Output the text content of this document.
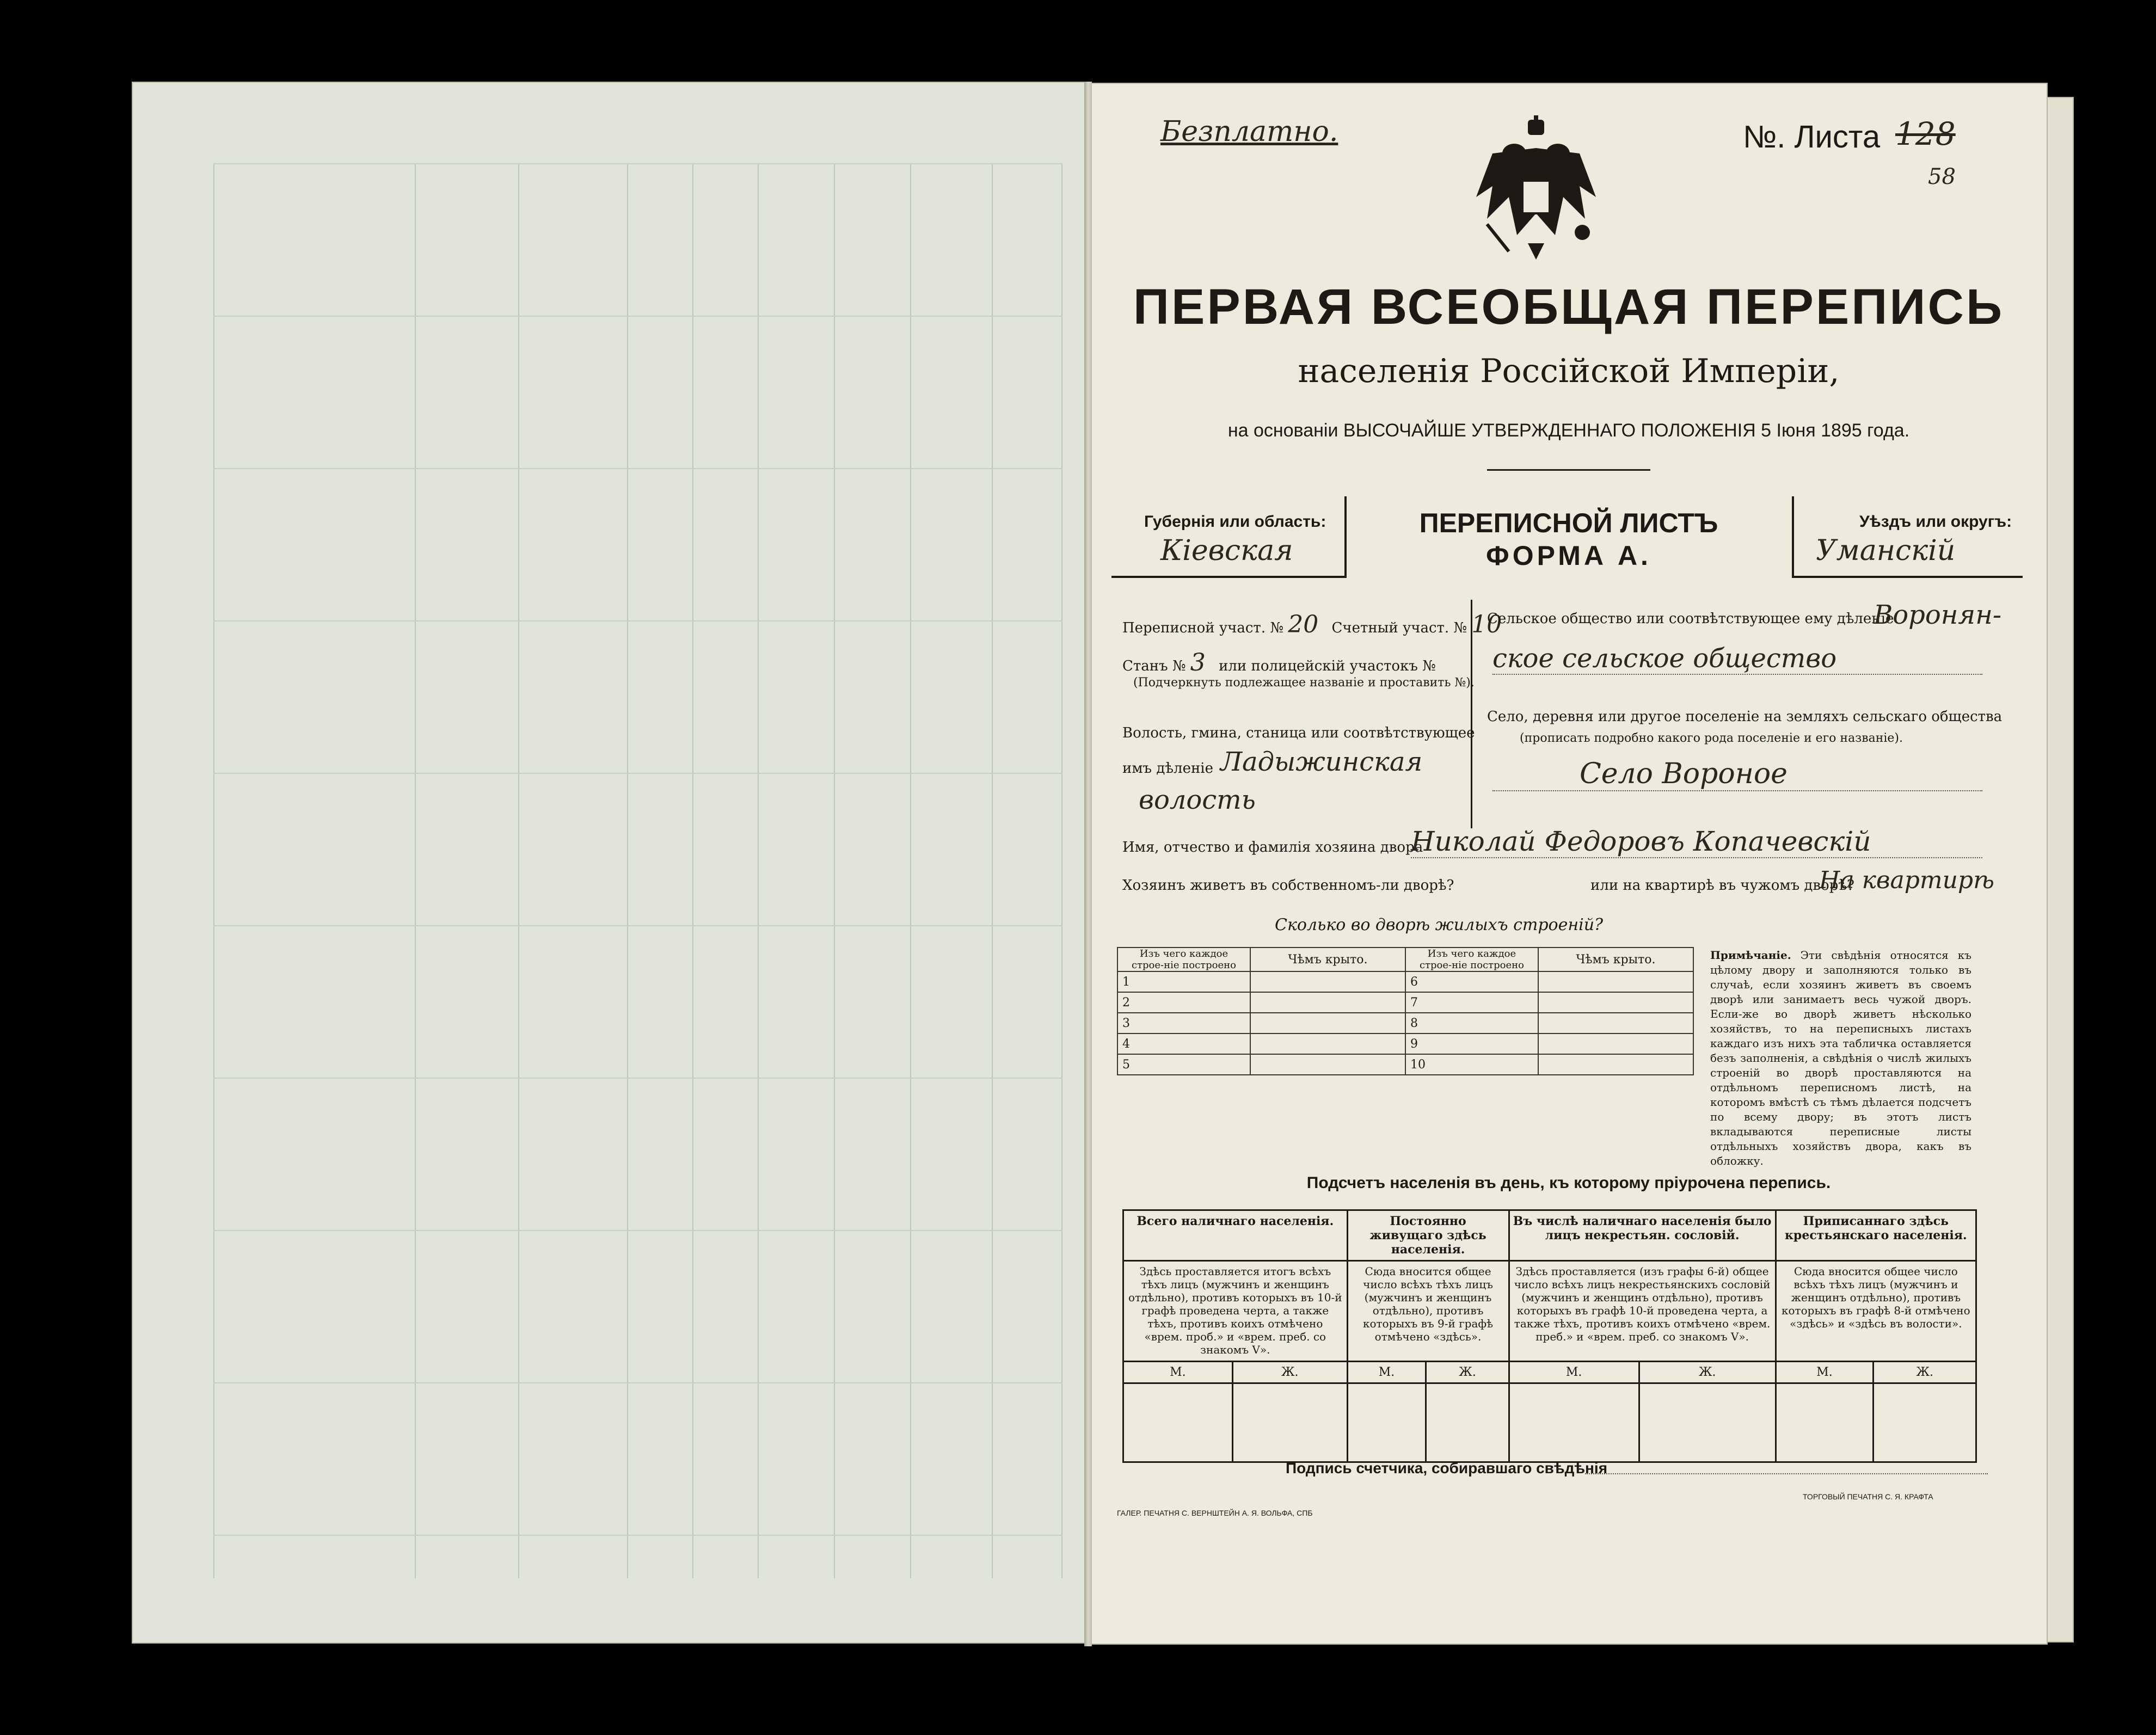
Безплатно.	№. Листа 128
58
ПЕРВАЯ ВСЕОБЩАЯ ПЕРЕПИСЬ
населенія Россійской Имперіи,
на основаніи ВЫСОЧАЙШЕ УТВЕРЖДЕННАГО ПОЛОЖЕНІЯ 5 Іюня 1895 года.
Губернія или область:
Кіевская
ПЕРЕПИСНОЙ ЛИСТЪ
ФОРМА А.
Уѣздъ или округъ:
Уманскій
Переписной участ. № 20 Счетный участ. № 10
Станъ № 3 или полицейскій участокъ №
(Подчеркнуть подлежащее названіе и проставить №).
Волость, гмина, станица или соотвѣтствующее
имъ дѣленіе Ладыжинская
волость
Сельское общество или соотвѣтствующее ему дѣленіе
Воронян-
ское сельское общество
Село, деревня или другое поселеніе на земляхъ сельскаго общества
(прописать подробно какого рода поселеніе и его названіе).
Село Вороное
Имя, отчество и фамилія хозяина двора
Николай Федоровъ Копачевскій
Хозяинъ живетъ въ собственномъ-ли дворѣ?	или на квартирѣ въ чужомъ дворѣ?
На квартирѣ
Сколько во дворѣ жилыхъ строеній?
Изъ чего каждое строе-ніе построено	Чѣмъ крыто.	Изъ чего каждое строе-ніе построено	Чѣмъ крыто.
1		6	
2		7	
3		8	
4		9	
5		10	
Примѣчаніе. Эти свѣдѣнія относятся къ цѣлому двору и заполняются только въ случаѣ, если хозяинъ живетъ въ своемъ дворѣ или занимаетъ весь чужой дворъ. Если-же во дворѣ живетъ нѣсколько хозяйствъ, то на переписныхъ листахъ каждаго изъ нихъ эта табличка оставляется безъ заполненія, а свѣдѣнія о числѣ жилыхъ строеній во дворѣ проставляются на отдѣльномъ переписномъ листѣ, на которомъ вмѣстѣ съ тѣмъ дѣлается подсчетъ по всему двору; въ этотъ листъ вкладываются переписные листы отдѣльныхъ хозяйствъ двора, какъ въ обложку.
Подсчетъ населенія въ день, къ которому пріурочена перепись.
Всего наличнаго населенія.		Постоянно живущаго здѣсь населенія.		Въ числѣ наличнаго населенія было лицъ некрестьян. сословій.		Приписаннаго здѣсь крестьянскаго населенія.	
Здѣсь проставляется итогъ всѣхъ тѣхъ лицъ (мужчинъ и женщинъ отдѣльно), противъ которыхъ въ 10-й графѣ проведена черта, а также тѣхъ, противъ коихъ отмѣчено «врем. проб.» и «врем. преб. со знакомъ V».		Сюда вносится общее число всѣхъ тѣхъ лицъ (мужчинъ и женщинъ отдѣльно), противъ которыхъ въ 9-й графѣ отмѣчено «здѣсь».		Здѣсь проставляется (изъ графы 6-й) общее число всѣхъ лицъ некрестьянскихъ сословій (мужчинъ и женщинъ отдѣльно), противъ которыхъ въ графѣ 10-й проведена черта, а также тѣхъ, противъ коихъ отмѣчено «врем. преб.» и «врем. преб. со знакомъ V».		Сюда вносится общее число всѣхъ тѣхъ лицъ (мужчинъ и женщинъ отдѣльно), противъ которыхъ въ графѣ 8-й отмѣчено «здѣсь» и «здѣсь въ волости».	
М.	Ж.	М.	Ж.	М.	Ж.	М.	Ж.

Подпись счетчика, собиравшаго свѣдѣнія
ГАЛЕР. ПЕЧАТНЯ С. ВЕРНШТЕЙН А. Я. ВОЛЬФА, СПБ
ТОРГОВЫЙ ПЕЧАТНЯ С. Я. КРАФТА
